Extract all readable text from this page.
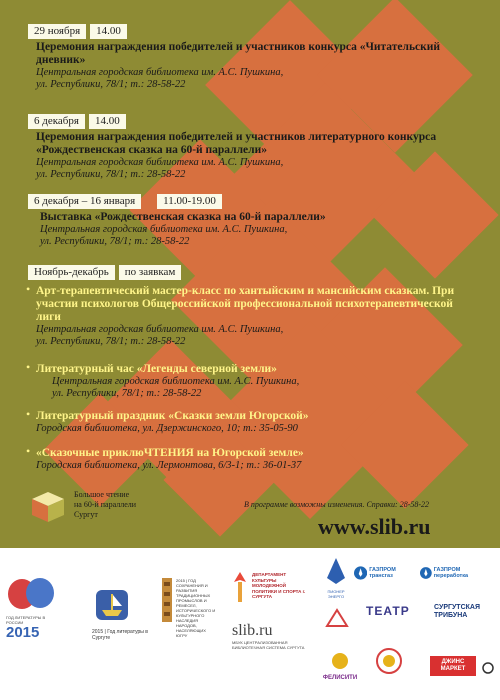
29 ноября	14.00
Церемония награждения победителей и участников конкурса «Читательский дневник»
Центральная городская библиотека им. А.С. Пушкина,
ул. Республики, 78/1; т.: 28-58-22
6 декабря	14.00
Церемония награждения победителей и участников литературного конкурса «Рождественская сказка на 60-й параллели»
Центральная городская библиотека им. А.С. Пушкина,
ул. Республики, 78/1; т.: 28-58-22
6 декабря – 16 января	11.00-19.00
Выставка «Рождественская сказка на 60-й параллели»
Центральная городская библиотека им. А.С. Пушкина,
ул. Республики, 78/1; т.: 28-58-22
Ноябрь-декабрь	по заявкам
• Арт-терапевтический мастер-класс по хантыйским и мансийским сказкам. При участии психологов Общероссийской профессиональной психотерапевтической лиги
Центральная городская библиотека им. А.С. Пушкина,
ул. Республики, 78/1; т.: 28-58-22
• Литературный час «Легенды северной земли»
Центральная городская библиотека им. А.С. Пушкина,
ул. Республики, 78/1; т.: 28-58-22
• Литературный праздник «Сказки земли Югорской»
Городская библиотека, ул. Дзержинского, 10; т.: 35-05-90
• «Сказочные приклюЧТЕНИЯ на Югорской земле»
Городская библиотека, ул. Лермонтова, 6/3-1; т.: 36-01-37
Большое чтение
на 60-й параллели
Сургут
В программе возможны изменения. Справки: 28-58-22
www.slib.ru
ГОД ЛИТЕРАТУРЫ В РОССИИ
2015	2015 | Год литературы в Сургуте
2015 | ГОД СОХРАНЕНИЯ И РАЗВИТИЯ ТРАДИЦИОННЫХ ПРОМЫСЛОВ И РЕМЕСЕЛ, ИСТОРИЧЕСКОГО И КУЛЬТУРНОГО НАСЛЕДИЯ НАРОДОВ, НАСЕЛЯЮЩИХ ЮГРУ
ДЕПАРТАМЕНТ КУЛЬТУРЫ МОЛОДЕЖНОЙ ПОЛИТИКИ И СПОРТА г. СУРГУТА
slib.ru
МБУК ЦЕНТРАЛИЗОВАННАЯ БИБЛИОТЕЧНАЯ СИСТЕМА СУРГУТА
ПИОНЕР ЭНЕРГО
ГАЗПРОМ трансгаз
ГАЗПРОМ переработка
ТЕАТР	СУРГУТСКАЯ ТРИБУНА
ФЕЛИСИТИ
ДЖИНС МАРКЕТ
